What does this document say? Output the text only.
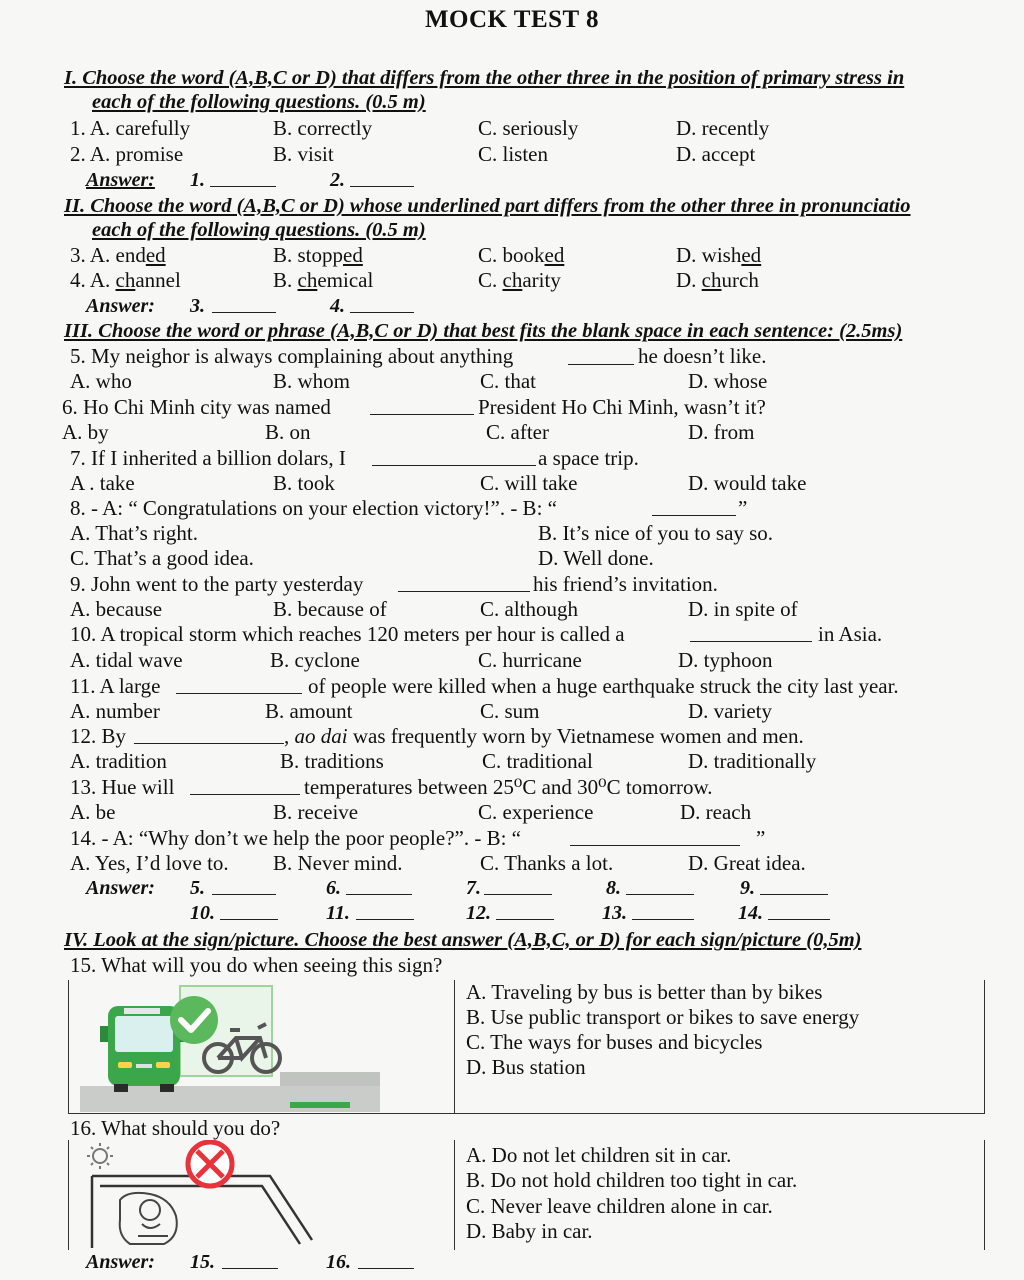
MOCK TEST 8
I. Choose the word (A,B,C or D) that differs from the other three in the position of primary stress in
each of the following questions. (0.5 m)
1. A. carefully	B. correctly	C. seriously	D. recently
2. A. promise	B. visit	C. listen	D. accept
Answer: 1.	2.
II. Choose the word (A,B,C or D) whose underlined part differs from the other three in pronunciatio
each of the following questions. (0.5 m)
3. A. ended	B. stopped	C. booked	D. wished
4. A. channel	B. chemical	C. charity	D. church
Answer: 3.	4.
III. Choose the word or phrase (A,B,C or D) that best fits the blank space in each sentence: (2.5ms)
5. My neighor is always complaining about anything	he doesn’t like.
A. who	B. whom	C. that	D. whose
6. Ho Chi Minh city was named	President Ho Chi Minh, wasn’t it?
A. by	B. on	C. after	D. from
7. If I inherited a billion dolars, I	a space trip.
A . take	B. took	C. will take	D. would take
8. - A: “ Congratulations on your election victory!”. - B: “	”
A. That’s right.	B. It’s nice of you to say so.
C. That’s a good idea.	D. Well done.
9. John went to the party yesterday	his friend’s invitation.
A. because	B. because of	C. although	D. in spite of
10. A tropical storm which reaches 120 meters per hour is called a	in Asia.
A. tidal wave	B. cyclone	C. hurricane	D. typhoon
11. A large	of people were killed when a huge earthquake struck the city last year.
A. number	B. amount	C. sum	D. variety
12. By	, ao dai was frequently worn by Vietnamese women and men.
A. tradition	B. traditions	C. traditional	D. traditionally
13. Hue will	temperatures between 25⁰C and 30⁰C tomorrow.
A. be	B. receive	C. experience	D. reach
14. - A: “Why don’t we help the poor people?”. - B: “	”
A. Yes, I’d love to. B. Never mind.	C. Thanks a lot.	D. Great idea.
Answer: 5.	6.	7.	8.	9.
10.	11.	12.	13.	14.
IV. Look at the sign/picture. Choose the best answer (A,B,C, or D) for each sign/picture (0,5m)
15. What will you do when seeing this sign?
A. Traveling by bus is better than by bikes
B. Use public transport or bikes to save energy
C. The ways for buses and bicycles
D. Bus station
16. What should you do?
A. Do not let children sit in car.
B. Do not hold children too tight in car.
C. Never leave children alone in car.
D. Baby in car.
Answer: 15.	16.
